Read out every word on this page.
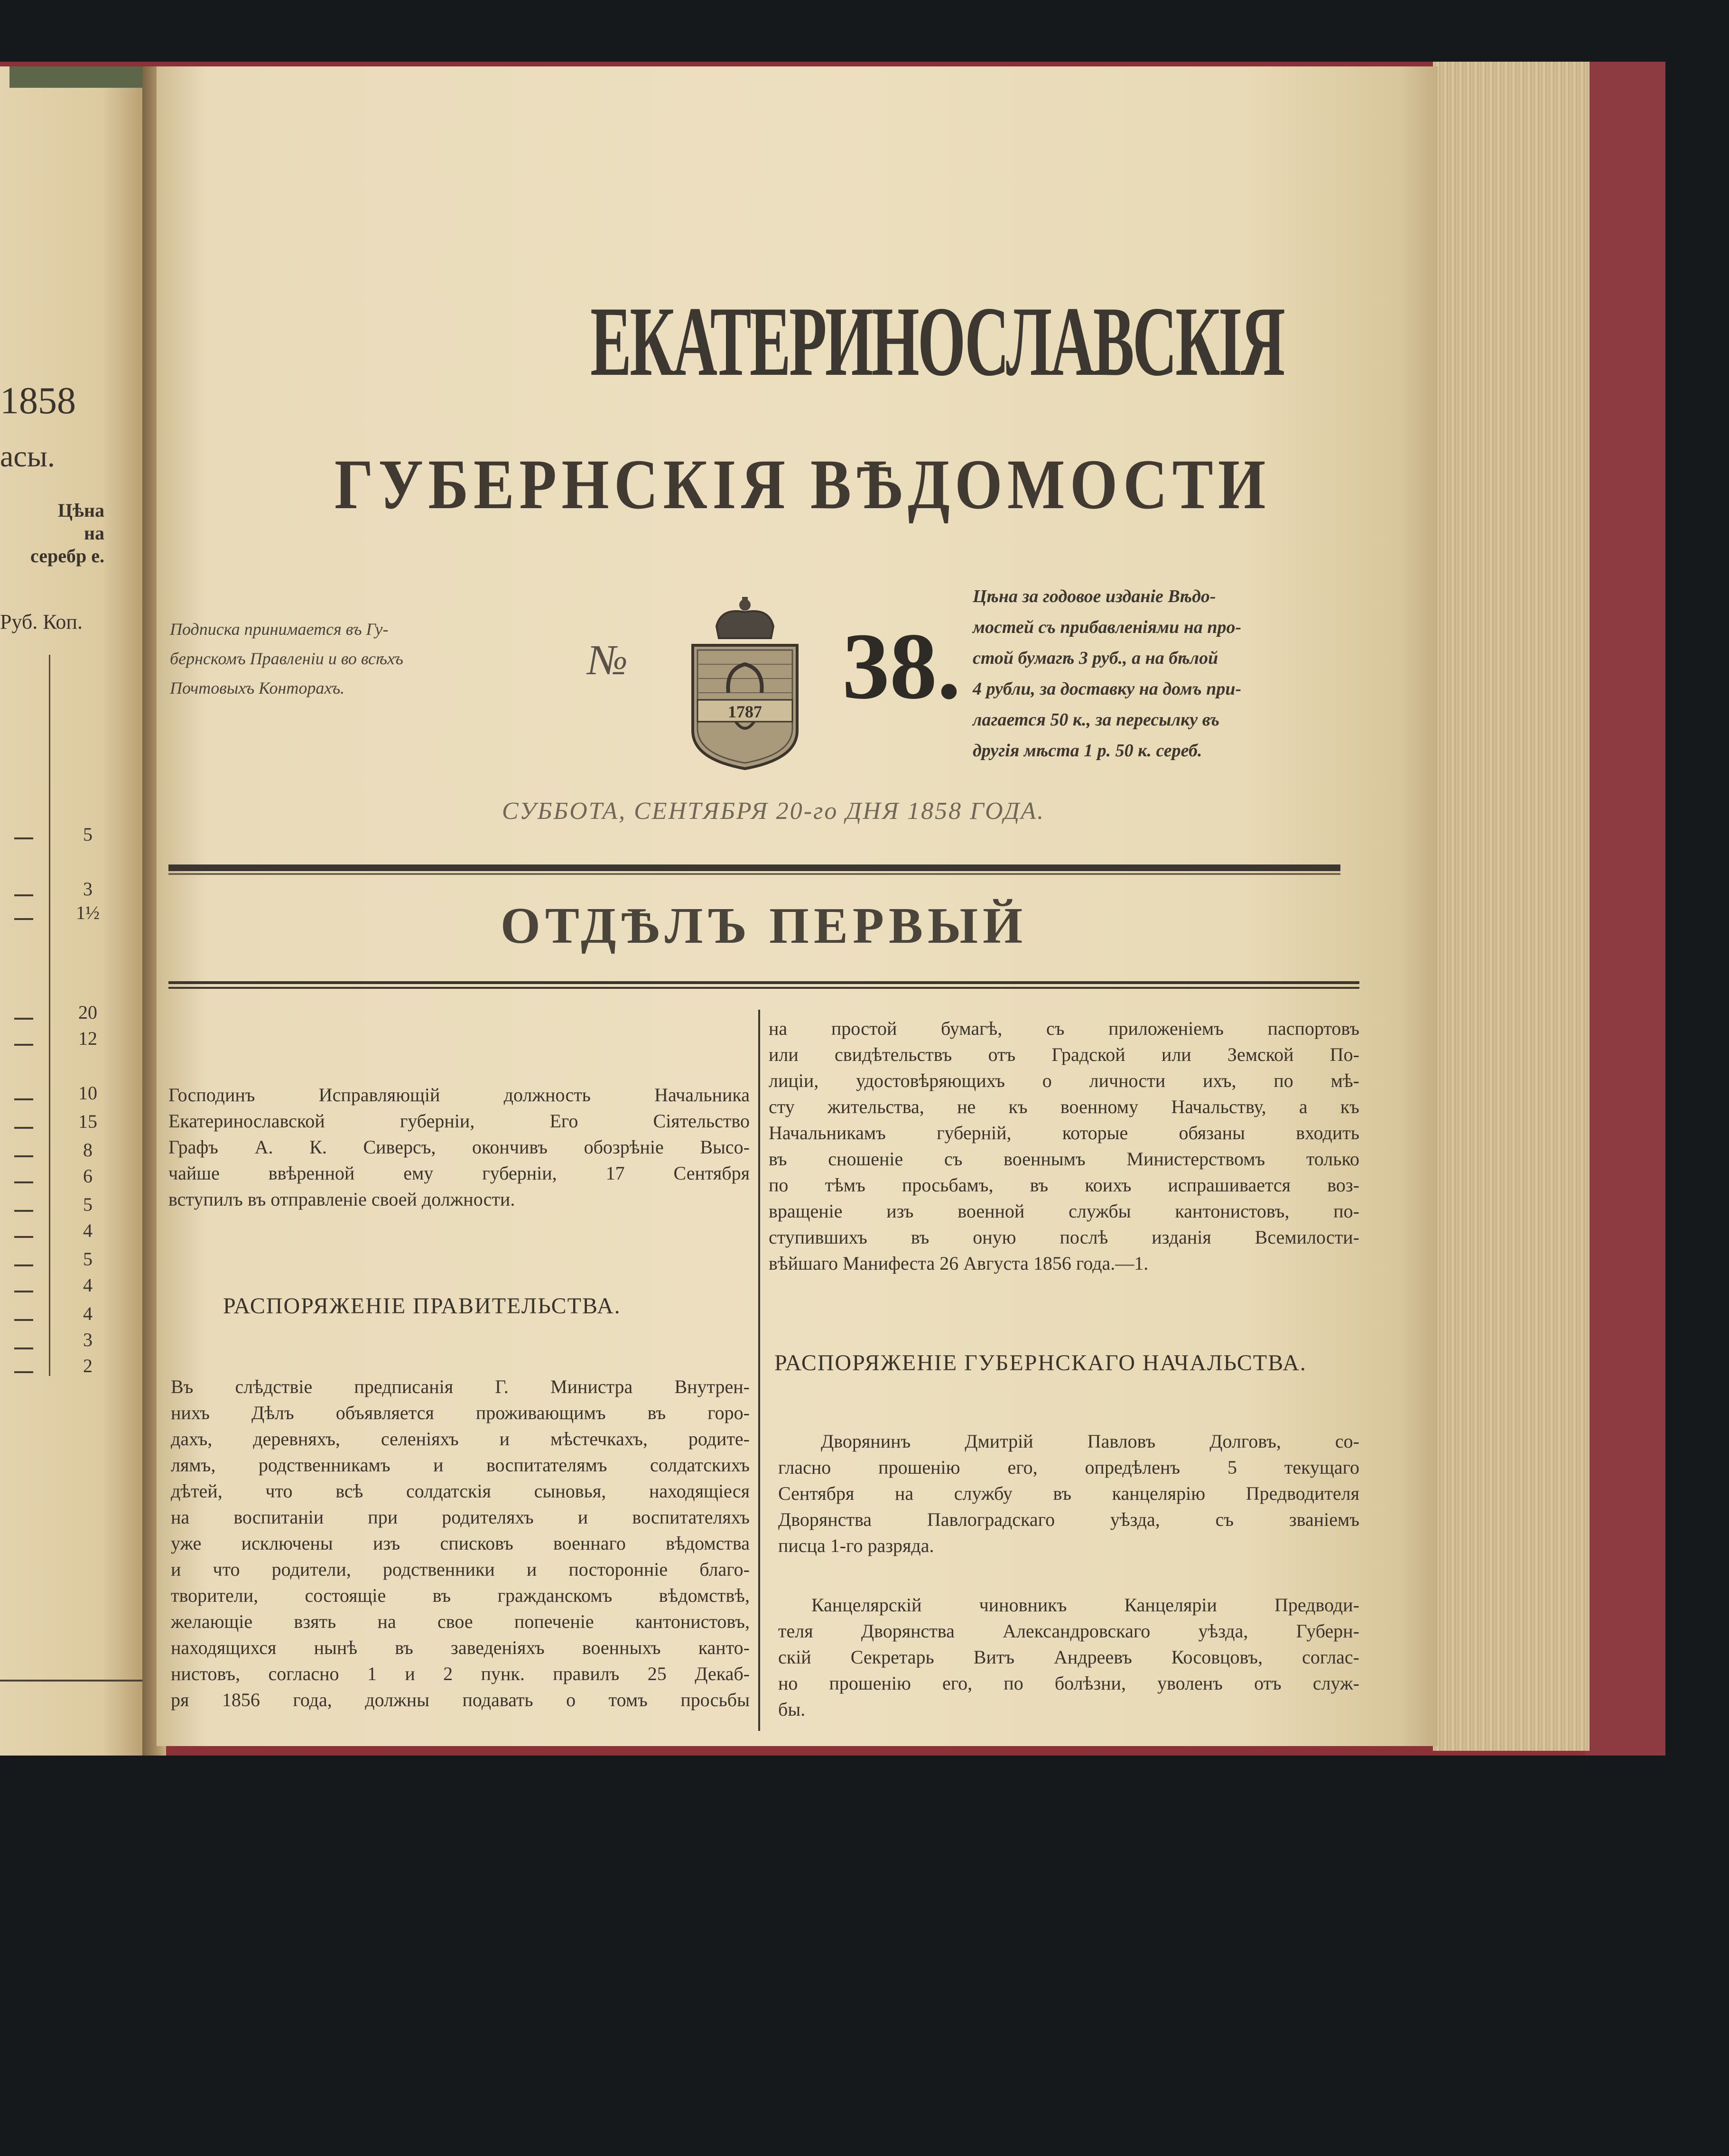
1858
асы.
Цѣна
на
серебр е.
Руб. Коп.
5
3
1½
20
12
10
15
8
6
5
4
5
4
4
3
2
ЕКАТЕРИНОСЛАВСКІЯ
ГУБЕРНСКІЯ ВѢДОМОСТИ
Подписка принимается въ Гу-
бернскомъ Правленіи и во всѣхъ
Почтовыхъ Конторахъ.
№
1787 38.
Цѣна за годовое изданіе Вѣдо-
мостей съ прибавленіями на про-
стой бумагѣ 3 руб., а на бѣлой
4 рубли, за доставку на домъ при-
лагается 50 к., за пересылку въ
другія мѣста 1 р. 50 к. сереб.
СУББОТА, СЕНТЯБРЯ 20-го ДНЯ 1858 ГОДА.
ОТДѢЛЪ ПЕРВЫЙ
Господинъ Исправляющій должность Начальника
Екатеринославской губерніи, Его Сіятельство
Графъ А. К. Сиверсъ, окончивъ обозрѣніе Высо-
чайше ввѣренной ему губерніи, 17 Сентября
вступилъ въ отправленіе своей должности.
РАСПОРЯЖЕНІЕ ПРАВИТЕЛЬСТВА.
Въ слѣдствіе предписанія Г. Министра Внутрен-
нихъ Дѣлъ объявляется проживающимъ въ горо-
дахъ, деревняхъ, селеніяхъ и мѣстечкахъ, родите-
лямъ, родственникамъ и воспитателямъ солдатскихъ
дѣтей, что всѣ солдатскія сыновья, находящіеся
на воспитаніи при родителяхъ и воспитателяхъ
уже исключены изъ списковъ военнаго вѣдомства
и что родители, родственники и посторонніе благо-
творители, состоящіе въ гражданскомъ вѣдомствѣ,
желающіе взять на свое попеченіе кантонистовъ,
находящихся нынѣ въ заведеніяхъ военныхъ канто-
нистовъ, согласно 1 и 2 пунк. правилъ 25 Декаб-
ря 1856 года, должны подавать о томъ просьбы
на простой бумагѣ, съ приложеніемъ паспортовъ
или свидѣтельствъ отъ Градской или Земской По-
лиціи, удостовѣряющихъ о личности ихъ, по мѣ-
сту жительства, не къ военному Начальству, а къ
Начальникамъ губерній, которые обязаны входить
въ сношеніе съ военнымъ Министерствомъ только
по тѣмъ просьбамъ, въ коихъ испрашивается воз-
вращеніе изъ военной службы кантонистовъ, по-
ступившихъ въ оную послѣ изданія Всемилости-
вѣйшаго Манифеста 26 Августа 1856 года.—1.
РАСПОРЯЖЕНІЕ ГУБЕРНСКАГО НАЧАЛЬСТВА.
Дворянинъ Дмитрій Павловъ Долговъ, со-
гласно прошенію его, опредѣленъ 5 текущаго
Сентября на службу въ канцелярію Предводителя
Дворянства Павлоградскаго уѣзда, съ званіемъ
писца 1-го разряда.
Канцелярскій чиновникъ Канцеляріи Предводи-
теля Дворянства Александровскаго уѣзда, Губерн-
скій Секретарь Витъ Андреевъ Косовцовъ, соглас-
но прошенію его, по болѣзни, уволенъ отъ служ-
бы.
